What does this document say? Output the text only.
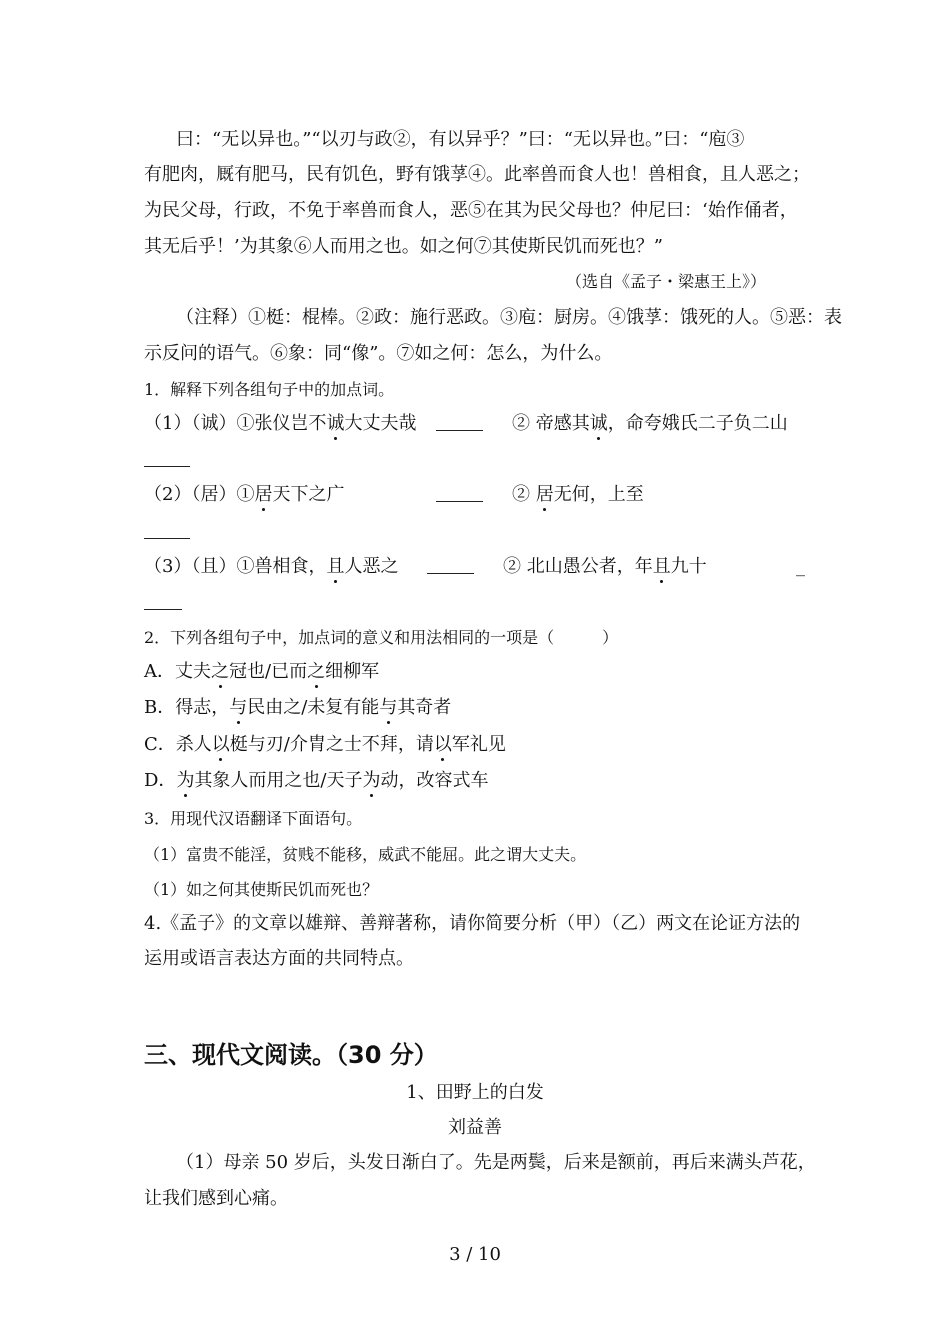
曰：“无以异也。”“以刃与政②，有以异乎？”曰：“无以异也。”曰：“庖③
有肥肉，厩有肥马，民有饥色，野有饿莩④。此率兽而食人也！兽相食，且人恶之；
为民父母，行政，不免于率兽而食人，恶⑤在其为民父母也？仲尼曰：‘始作俑者，
其无后乎！’为其象⑥人而用之也。如之何⑦其使斯民饥而死也？”
（选自《孟子・梁惠王上》）
（注释）①梃：棍棒。②政：施行恶政。③庖：厨房。④饿莩：饿死的人。⑤恶：表
示反问的语气。⑥象：同“像”。⑦如之何：怎么，为什么。
1．解释下列各组句子中的加点词。
（1）（诚）①张仪岂不诚大丈夫哉	② 帝感其诚，命夸娥氏二子负二山
（2）（居）①居天下之广	② 居无何，上至
（3）（且）①兽相食，且人恶之	② 北山愚公者，年且九十	_
2．下列各组句子中，加点词的意义和用法相同的一项是（　　　）
A．丈夫之冠也/已而之细柳军
B．得志，与民由之/未复有能与其奇者
C．杀人以梃与刃/介胄之士不拜，请以军礼见
D．为其象人而用之也/天子为动，改容式车
3．用现代汉语翻译下面语句。
（1）富贵不能淫，贫贱不能移，威武不能屈。此之谓大丈夫。
（1）如之何其使斯民饥而死也？
4.《孟子》的文章以雄辩、善辩著称，请你简要分析（甲）（乙）两文在论证方法的
运用或语言表达方面的共同特点。
三、现代文阅读。（30 分）
1、田野上的白发
刘益善
（1）母亲 50 岁后，头发日渐白了。先是两鬓，后来是额前，再后来满头芦花，
让我们感到心痛。
3 / 10
